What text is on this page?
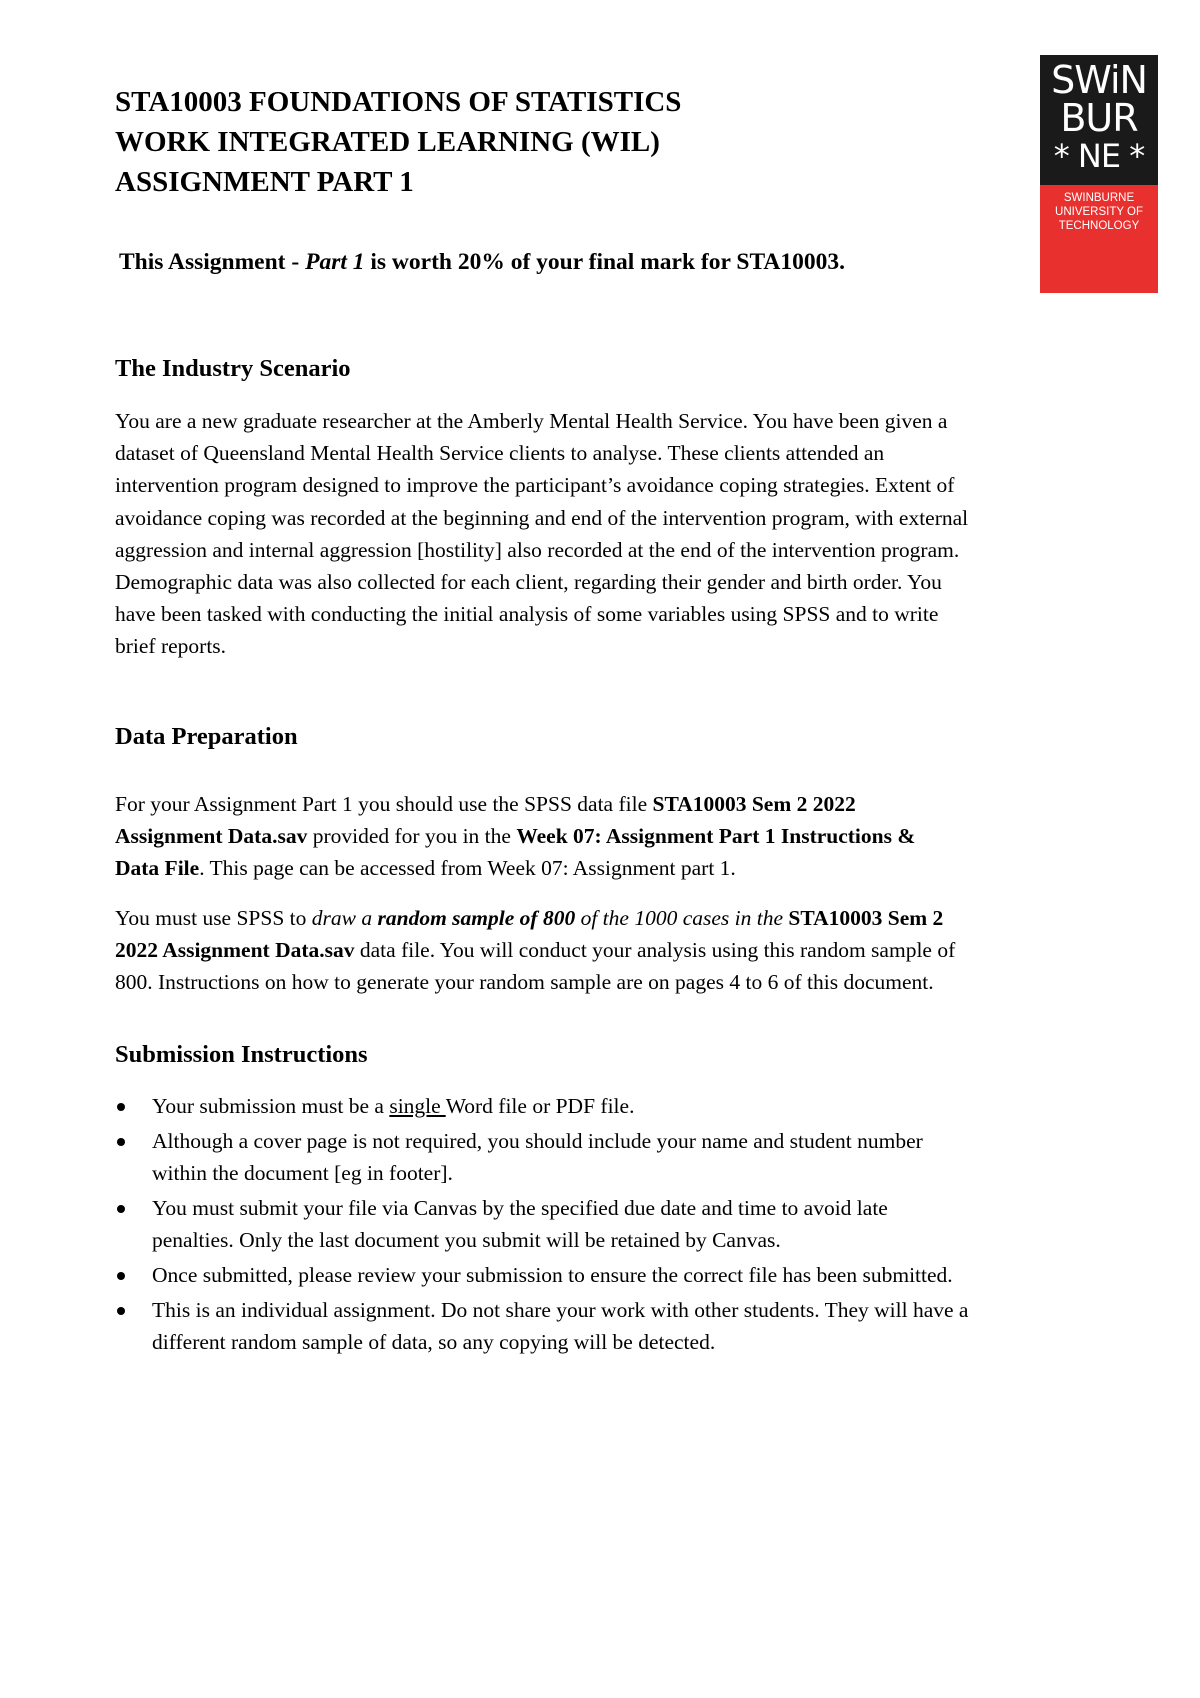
STA10003 FOUNDATIONS OF STATISTICS
WORK INTEGRATED LEARNING (WIL)
ASSIGNMENT PART 1
SWiN
BUR
* NE *
SWINBURNE
UNIVERSITY OF
TECHNOLOGY
This Assignment - Part 1 is worth 20% of your final mark for STA10003.
The Industry Scenario
You are a new graduate researcher at the Amberly Mental Health Service. You have been given a
dataset of Queensland Mental Health Service clients to analyse. These clients attended an
intervention program designed to improve the participant’s avoidance coping strategies. Extent of
avoidance coping was recorded at the beginning and end of the intervention program, with external
aggression and internal aggression [hostility] also recorded at the end of the intervention program.
Demographic data was also collected for each client, regarding their gender and birth order. You
have been tasked with conducting the initial analysis of some variables using SPSS and to write
brief reports.
Data Preparation
For your Assignment Part 1 you should use the SPSS data file STA10003 Sem 2 2022
Assignment Data.sav provided for you in the Week 07: Assignment Part 1 Instructions &
Data File. This page can be accessed from Week 07: Assignment part 1.
You must use SPSS to draw a random sample of 800 of the 1000 cases in the STA10003 Sem 2
2022 Assignment Data.sav data file. You will conduct your analysis using this random sample of
800. Instructions on how to generate your random sample are on pages 4 to 6 of this document.
Submission Instructions
Your submission must be a single Word file or PDF file.
Although a cover page is not required, you should include your name and student number
within the document [eg in footer].
You must submit your file via Canvas by the specified due date and time to avoid late
penalties. Only the last document you submit will be retained by Canvas.
Once submitted, please review your submission to ensure the correct file has been submitted.
This is an individual assignment. Do not share your work with other students. They will have a
different random sample of data, so any copying will be detected.
